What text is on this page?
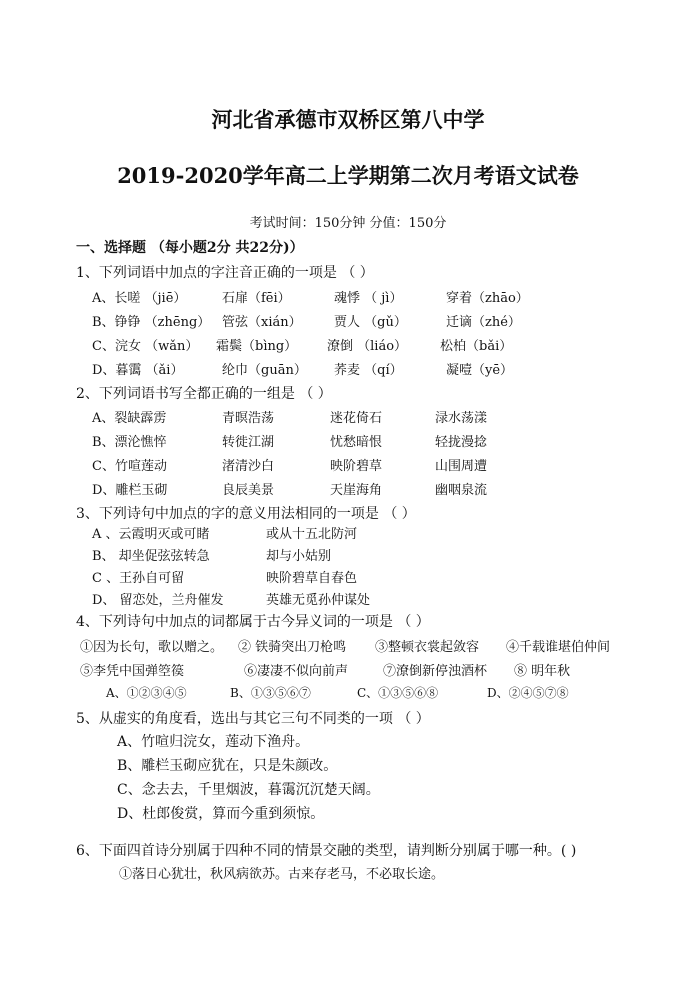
河北省承德市双桥区第八中学
2019-2020学年高二上学期第二次月考语文试卷
考试时间：150分钟 分值：150分
一、选择题 （每小题2分 共22分)）
1、下列词语中加点的字注音正确的一项是 （ ）
A、长嗟 （jiē）	石扉（fēi）	魂悸 （ jì）	穿着（zhāo）
B、铮铮 （zhēng） 管弦（xián） 贾人 （gǔ）	迁谪（zhé）
C、浣女 （wǎn） 霜鬓（bìng） 潦倒 （liáo）	松柏（bǎi）
D、暮霭 （ǎi）	纶巾（guān） 荞麦 （qí）	凝噎（yē）
2、下列词语书写全都正确的一组是 （ ）
A、裂缺霹雳	青暝浩荡	迷花倚石	渌水荡漾
B、漂沦憔悴	转徙江湖	忧愁暗恨	轻拢漫捻
C、竹喧莲动	渚清沙白	映阶碧草	山围周遭
D、雕栏玉砌	良辰美景	天崖海角	幽咽泉流
3、下列诗句中加点的字的意义用法相同的一项是 （ ）
A 、云霞明灭或可睹	或从十五北防河
B、 却坐促弦弦转急	却与小姑别
C 、王孙自可留	映阶碧草自春色
D、 留恋处，兰舟催发	英雄无觅孙仲谋处
4、下列诗句中加点的词都属于古今异义词的一项是 （ ）
①因为长句，歌以赠之。 ② 铁骑突出刀枪鸣 ③整顿衣裳起敛容 ④千载谁堪伯仲间
⑤李凭中国弹箜篌	⑥凄凄不似向前声	⑦潦倒新停浊酒杯 ⑧ 明年秋
A、①②③④⑤	B、①③⑤⑥⑦	C、①③⑤⑥⑧	D、②④⑤⑦⑧
5、从虚实的角度看，选出与其它三句不同类的一项 （ ）
A、竹喧归浣女，莲动下渔舟。
B、雕栏玉砌应犹在，只是朱颜改。
C、念去去，千里烟波，暮霭沉沉楚天阔。
D、杜郎俊赏，算而今重到须惊。
6、下面四首诗分别属于四种不同的情景交融的类型，请判断分别属于哪一种。( )
①落日心犹壮，秋风病欲苏。古来存老马，不必取长途。
